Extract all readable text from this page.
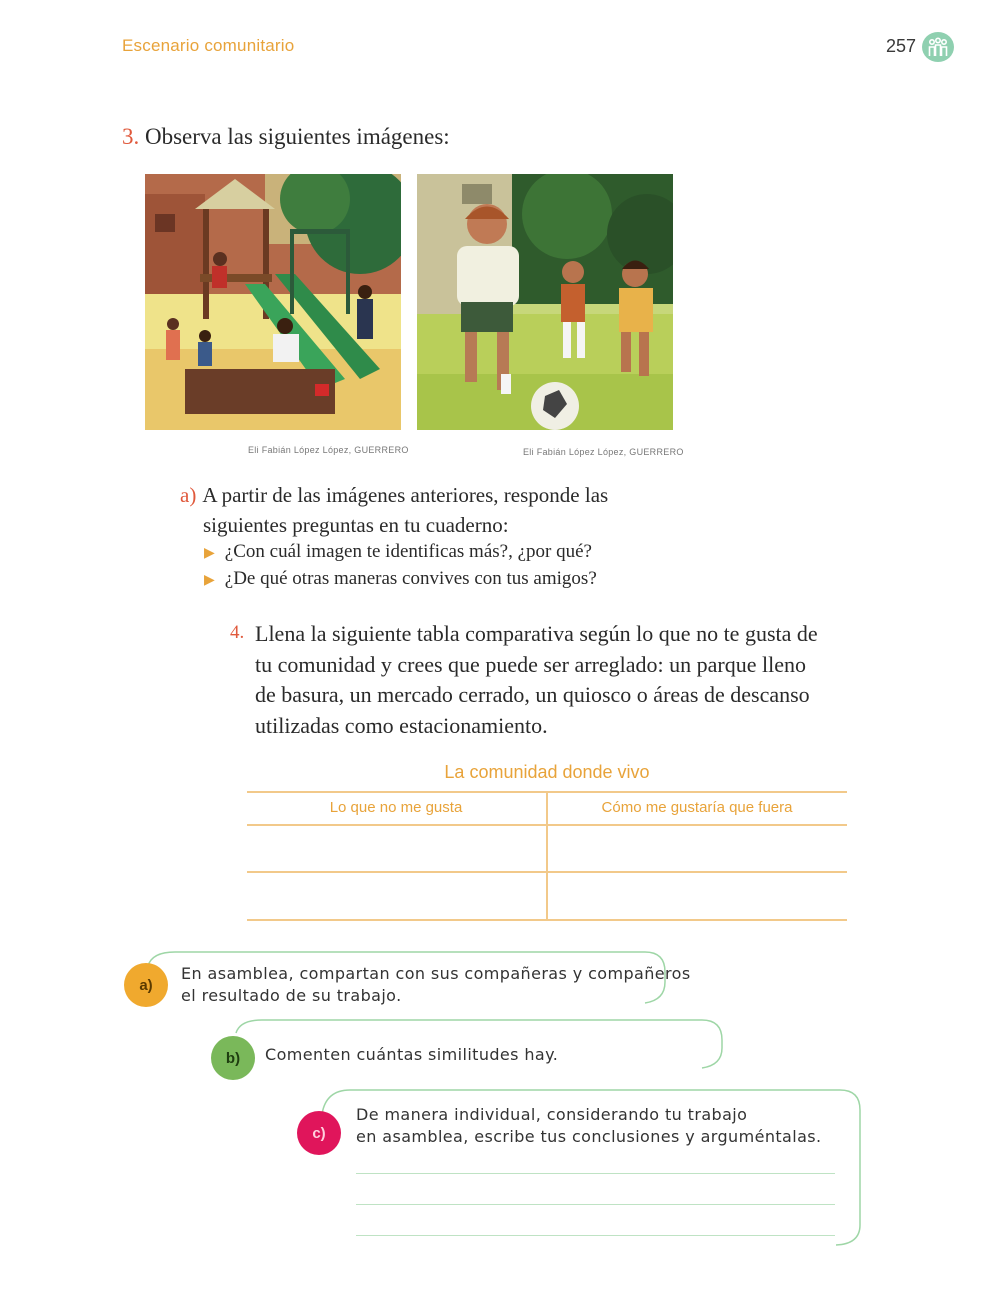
Escenario comunitario	257
3. Observa las siguientes imágenes:
Eli Fabián López López, GUERRERO	Eli Fabián López López, GUERRERO
a) A partir de las imágenes anteriores, responde las
siguientes preguntas en tu cuaderno:
▶ ¿Con cuál imagen te identificas más?, ¿por qué?
▶ ¿De qué otras maneras convives con tus amigos?
4. Llena la siguiente tabla comparativa según lo que no te gusta de
tu comunidad y crees que puede ser arreglado: un parque lleno
de basura, un mercado cerrado, un quiosco o áreas de descanso
utilizadas como estacionamiento.
La comunidad donde vivo
Lo que no me gusta	Cómo me gustaría que fuera
a)
En asamblea, compartan con sus compañeras y compañeros
el resultado de su trabajo.
b) Comenten cuántas similitudes hay.
c)
De manera individual, considerando tu trabajo
en asamblea, escribe tus conclusiones y arguméntalas.
